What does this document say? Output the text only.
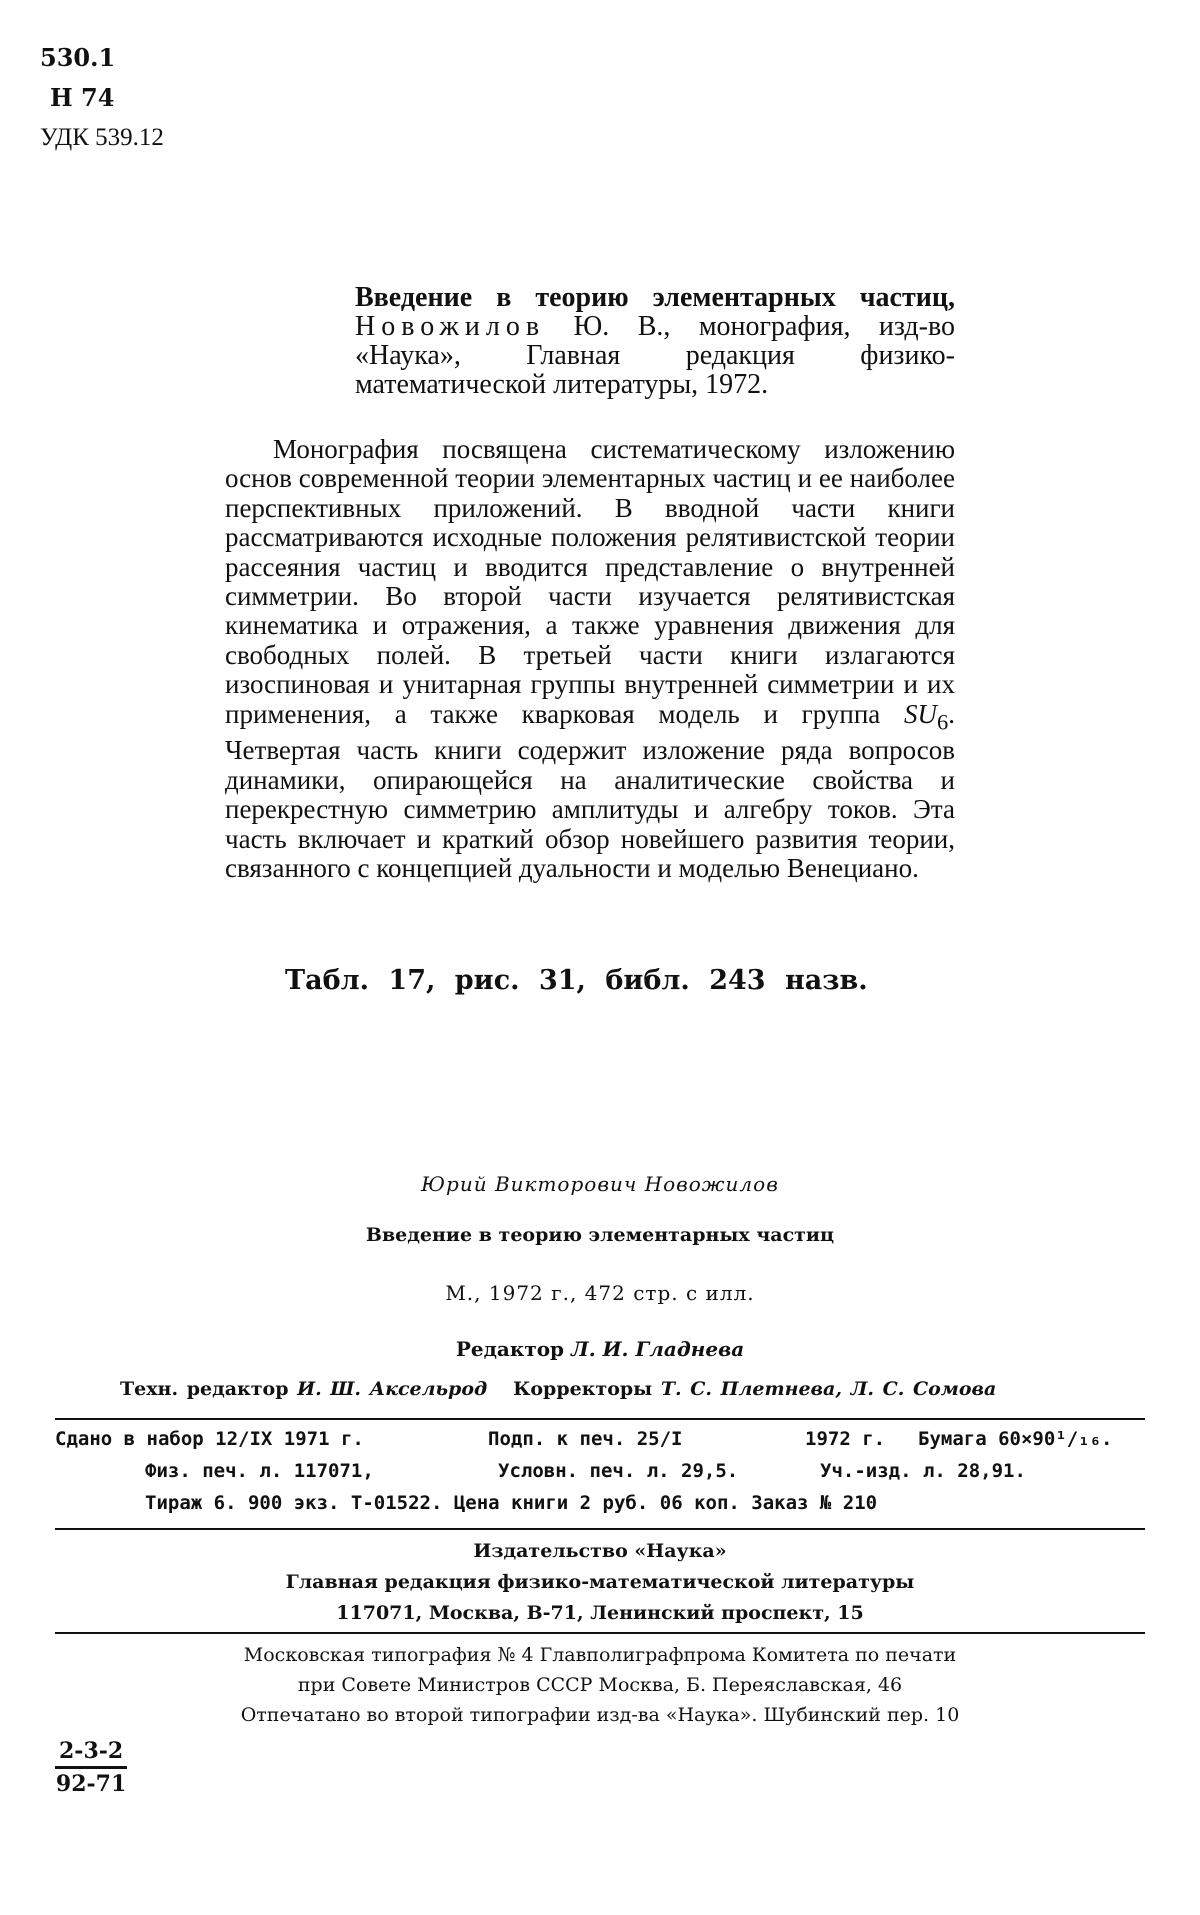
530.1
Н 74
УДК 539.12
Введение в теорию элементарных частиц, Новожилов Ю. В., монография, изд-во «Наука», Главная редакция физико-математической литературы, 1972.
Монография посвящена систематическому изложению основ современной теории элементарных частиц и ее наиболее перспективных приложений. В вводной части книги рассматриваются исходные положения релятивистской теории рассеяния частиц и вводится представление о внутренней симметрии. Во второй части изучается релятивистская кинематика и отражения, а также уравнения движения для свободных полей. В третьей части книги излагаются изоспиновая и унитарная группы внутренней симметрии и их применения, а также кварковая модель и группа $SU_6$. Четвертая часть книги содержит изложение ряда вопросов динамики, опирающейся на аналитические свойства и перекрестную симметрию амплитуды и алгебру токов. Эта часть включает и краткий обзор новейшего развития теории, связанного с концепцией дуальности и моделью Венециано.
Табл. 17, рис. 31, библ. 243 назв.
Юрий Викторович Новожилов
Введение в теорию элементарных частиц
М., 1972 г., 472 стр. с илл.
Редактор Л. И. Гладнева
Техн. редактор И. Ш. Аксельрод Корректоры Т. С. Плетнева, Л. С. Сомова
Сдано в набор 12/IX 1971 г.	Подп. к печ. 25/I	1972 г. Бумага 60×90¹/₁₆.
Физ. печ. л. 117071,	Условн. печ. л. 29,5.	Уч.-изд. л. 28,91.
Тираж 6. 900 экз. Т-01522. Цена книги 2 руб. 06 коп. Заказ № 210
Издательство «Наука»
Главная редакция физико-математической литературы
117071, Москва, В-71, Ленинский проспект, 15
Московская типография № 4 Главполиграфпрома Комитета по печати
при Совете Министров СССР Москва, Б. Переяславская, 46
Отпечатано во второй типографии изд-ва «Наука». Шубинский пер. 10
$\frac{2-3-2}{92-71}$
